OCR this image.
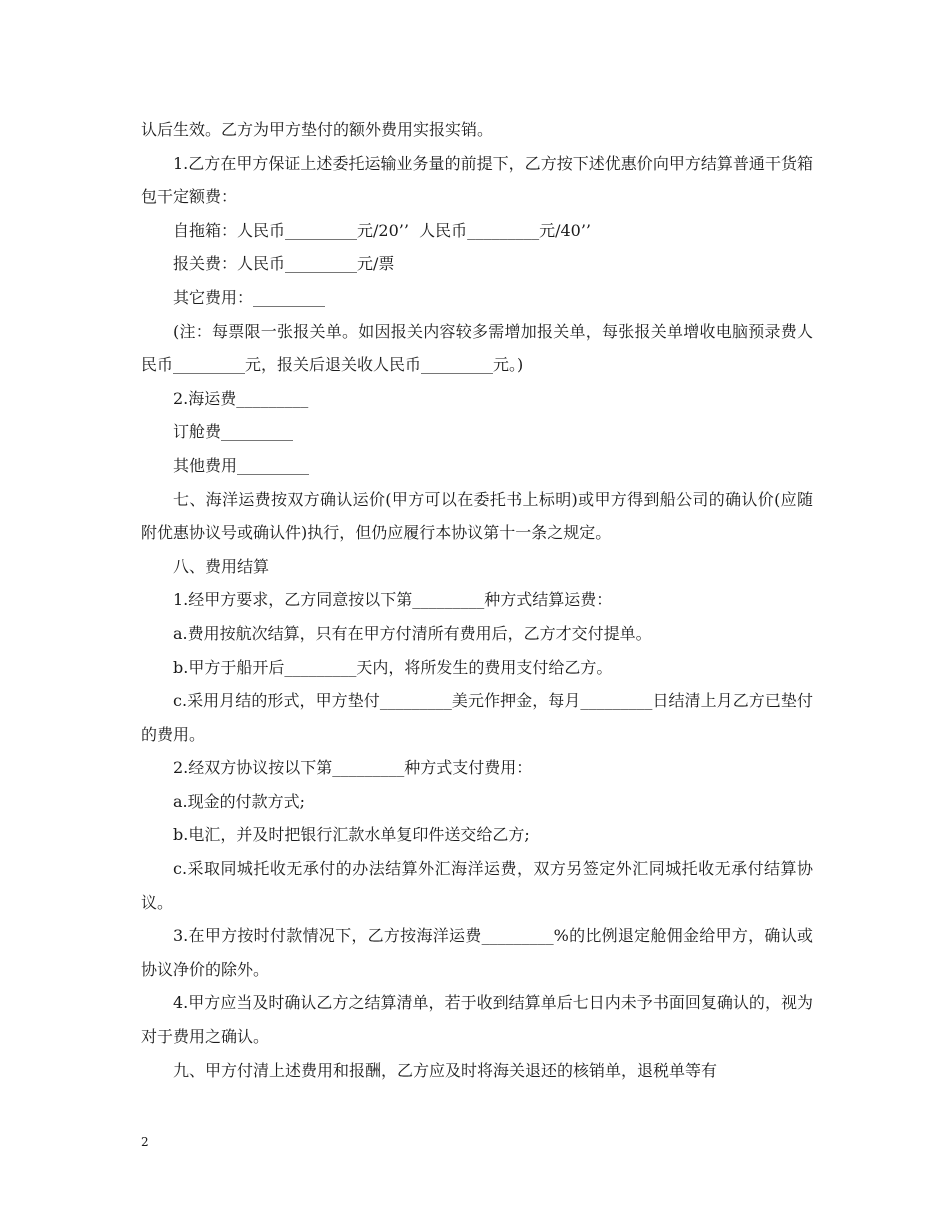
认后生效。乙方为甲方垫付的额外费用实报实销。

1.乙方在甲方保证上述委托运输业务量的前提下，乙方按下述优惠价向甲方结算普通干货箱包干定额费：

自拖箱：人民币_________元/20’’  人民币_________元/40’’

报关费：人民币_________元/票

其它费用：_________

(注：每票限一张报关单。如因报关内容较多需增加报关单，每张报关单增收电脑预录费人民币_________元，报关后退关收人民币_________元。)

2.海运费_________

订舱费_________

其他费用_________

七、海洋运费按双方确认运价(甲方可以在委托书上标明)或甲方得到船公司的确认价(应随附优惠协议号或确认件)执行，但仍应履行本协议第十一条之规定。

八、费用结算

1.经甲方要求，乙方同意按以下第_________种方式结算运费：

a.费用按航次结算，只有在甲方付清所有费用后，乙方才交付提单。

b.甲方于船开后_________天内，将所发生的费用支付给乙方。

c.采用月结的形式，甲方垫付_________美元作押金，每月_________日结清上月乙方已垫付的费用。

2.经双方协议按以下第_________种方式支付费用：

a.现金的付款方式;

b.电汇，并及时把银行汇款水单复印件送交给乙方;

c.采取同城托收无承付的办法结算外汇海洋运费，双方另签定外汇同城托收无承付结算协议。

3.在甲方按时付款情况下，乙方按海洋运费_________%的比例退定舱佣金给甲方，确认或协议净价的除外。

4.甲方应当及时确认乙方之结算清单，若于收到结算单后七日内未予书面回复确认的，视为对于费用之确认。

九、甲方付清上述费用和报酬，乙方应及时将海关退还的核销单，退税单等有

2
